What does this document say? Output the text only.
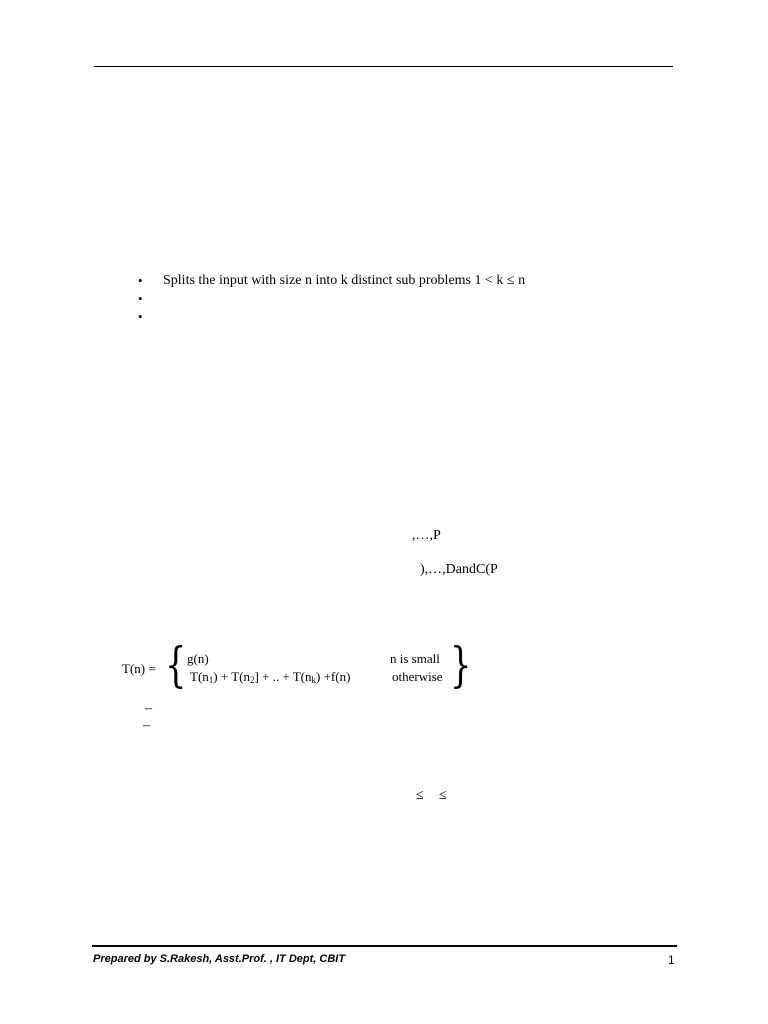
• Splits the input with size n into k distinct sub problems 1 < k ≤ n
•
•
,…,P
),…,DandC(P
T(n) = { g(n)	n is small
$T(n_1) + T(n_2]$ + .. + $T(n_k) +f(n)$	otherwise }
–
–
≤ ≤
Prepared by S.Rakesh, Asst.Prof. , IT Dept, CBIT	1
